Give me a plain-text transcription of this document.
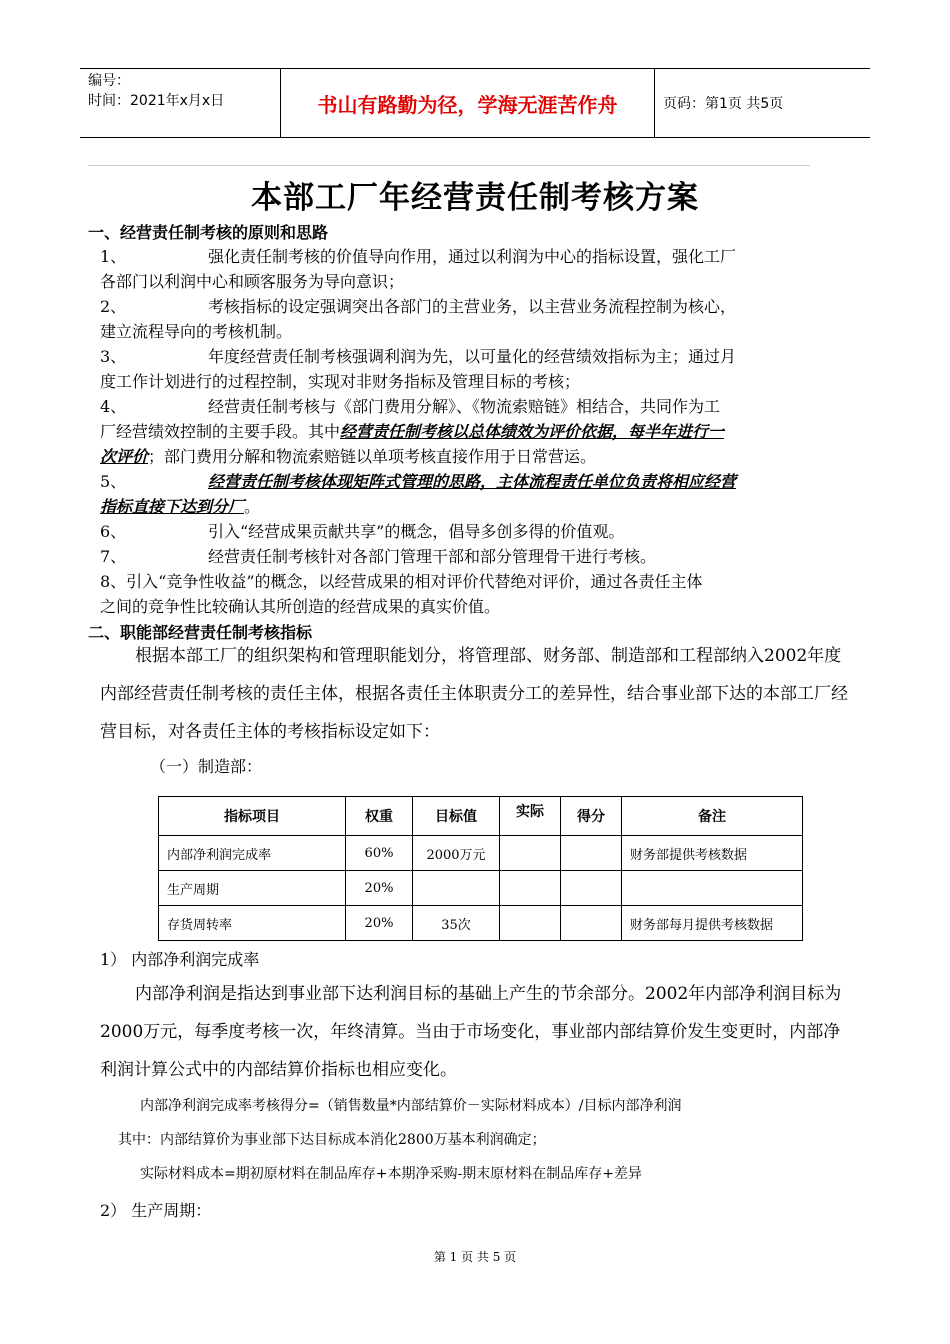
编号：
时间：2021年x月x日	书山有路勤为径，学海无涯苦作舟	页码：第1页 共5页
本部工厂年经营责任制考核方案
一、经营责任制考核的原则和思路
1、	强化责任制考核的价值导向作用，通过以利润为中心的指标设置，强化工厂
各部门以利润中心和顾客服务为导向意识；
2、	考核指标的设定强调突出各部门的主营业务，以主营业务流程控制为核心，
建立流程导向的考核机制。
3、	年度经营责任制考核强调利润为先，以可量化的经营绩效指标为主；通过月
度工作计划进行的过程控制，实现对非财务指标及管理目标的考核；
4、	经营责任制考核与《部门费用分解》、《物流索赔链》相结合，共同作为工
厂经营绩效控制的主要手段。其中经营责任制考核以总体绩效为评价依据，每半年进行一
次评价；部门费用分解和物流索赔链以单项考核直接作用于日常营运。
5、	经营责任制考核体现矩阵式管理的思路，主体流程责任单位负责将相应经营
指标直接下达到分厂。
6、	引入“经营成果贡献共享”的概念，倡导多创多得的价值观。
7、	经营责任制考核针对各部门管理干部和部分管理骨干进行考核。
8、引入“竞争性收益”的概念，以经营成果的相对评价代替绝对评价，通过各责任主体
之间的竞争性比较确认其所创造的经营成果的真实价值。
二、职能部经营责任制考核指标
根据本部工厂的组织架构和管理职能划分，将管理部、财务部、制造部和工程部纳入2002年度内部经营责任制考核的责任主体，根据各责任主体职责分工的差异性，结合事业部下达的本部工厂经营目标，对各责任主体的考核指标设定如下：
（一）制造部：
指标项目	权重	目标值	实际	得分	备注
内部净利润完成率	60%	2000万元			财务部提供考核数据
生产周期	20%				
存货周转率	20%	35次			财务部每月提供考核数据
1） 内部净利润完成率
内部净利润是指达到事业部下达利润目标的基础上产生的节余部分。2002年内部净利润目标为2000万元，每季度考核一次，年终清算。当由于市场变化，事业部内部结算价发生变更时，内部净利润计算公式中的内部结算价指标也相应变化。
内部净利润完成率考核得分=（销售数量*内部结算价－实际材料成本）/目标内部净利润
其中：内部结算价为事业部下达目标成本消化2800万基本利润确定；
实际材料成本=期初原材料在制品库存+本期净采购-期末原材料在制品库存+差异
2） 生产周期：
第 1 页 共 5 页
